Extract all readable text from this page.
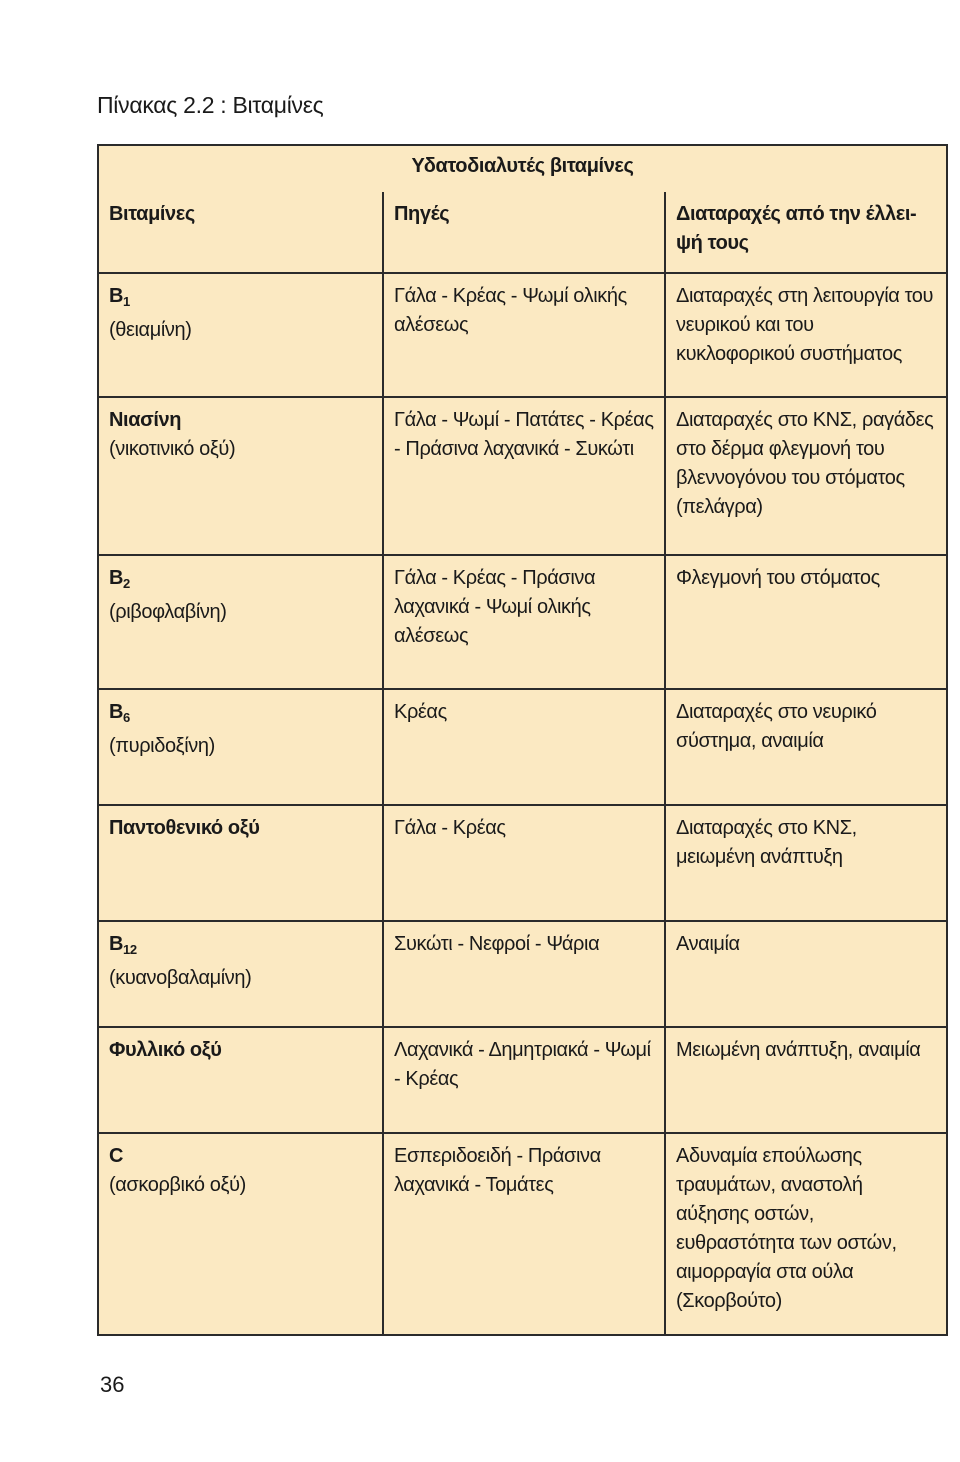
Πίνακας 2.2 : Βιταμίνες
Υδατοδιαλυτές βιταμίνες		
Βιταμίνες	Πηγές	Διαταραχές από την έλλει-ψή τους
$B_1$
(θειαμίνη)	Γάλα - Κρέας - Ψωμί ολικής αλέσεως	Διαταραχές στη λειτουργία του νευρικού και του κυκλοφορικού συστήματος
Νιασίνη
(νικοτινικό οξύ)	Γάλα - Ψωμί - Πατάτες - Κρέας - Πράσινα λαχανικά - Συκώτι	Διαταραχές στο ΚΝΣ, ραγάδες στο δέρμα φλεγμονή του βλεννογόνου του στόματος (πελάγρα)
$B_2$
(ριβοφλαβίνη)	Γάλα - Κρέας - Πράσινα λαχανικά - Ψωμί ολικής αλέσεως	Φλεγμονή του στόματος
$B_6$
(πυριδοξίνη)	Κρέας	Διαταραχές στο νευρικό σύστημα, αναιμία
Παντοθενικό οξύ	Γάλα - Κρέας	Διαταραχές στο ΚΝΣ, μειωμένη ανάπτυξη
$B_{12}$
(κυανοβαλαμίνη)	Συκώτι - Νεφροί - Ψάρια	Αναιμία
Φυλλικό οξύ	Λαχανικά - Δημητριακά - Ψωμί - Κρέας	Μειωμένη ανάπτυξη, αναιμία
C
(ασκορβικό οξύ)	Εσπεριδοειδή - Πράσινα λαχανικά - Τομάτες	Αδυναμία επούλωσης τραυμάτων, αναστολή αύξησης οστών, ευθραστότητα των οστών, αιμορραγία στα ούλα (Σκορβούτο)
36
